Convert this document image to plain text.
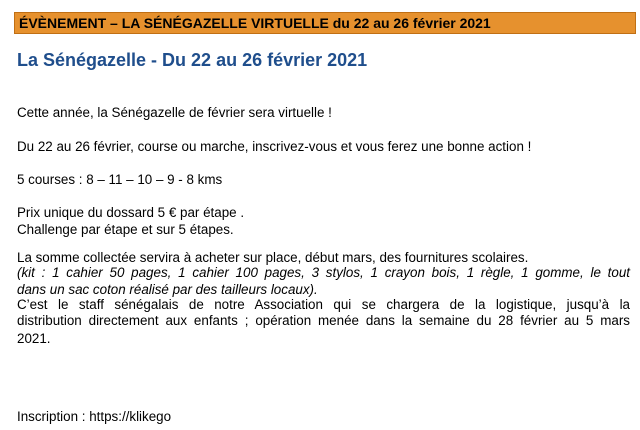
ÉVÈNEMENT – LA SÉNÉGAZELLE VIRTUELLE du 22 au 26 février 2021
La Sénégazelle - Du 22 au 26 février 2021
Cette année, la Sénégazelle de février sera virtuelle !
Du 22 au 26 février, course ou marche, inscrivez-vous et vous ferez une bonne action !
5 courses : 8 – 11 – 10 – 9 - 8 kms
Prix unique du dossard 5 € par étape .
Challenge par étape et sur 5 étapes.
La somme collectée servira à acheter sur place, début mars, des fournitures scolaires.
(kit : 1 cahier 50 pages, 1 cahier 100 pages, 3 stylos, 1 crayon bois, 1 règle, 1 gomme, le tout
dans un sac coton réalisé par des tailleurs locaux).
C’est le staff sénégalais de notre Association qui se chargera de la logistique, jusqu’à la
distribution directement aux enfants ; opération menée dans la semaine du 28 février au 5 mars
2021.
Inscription : https://klikego
